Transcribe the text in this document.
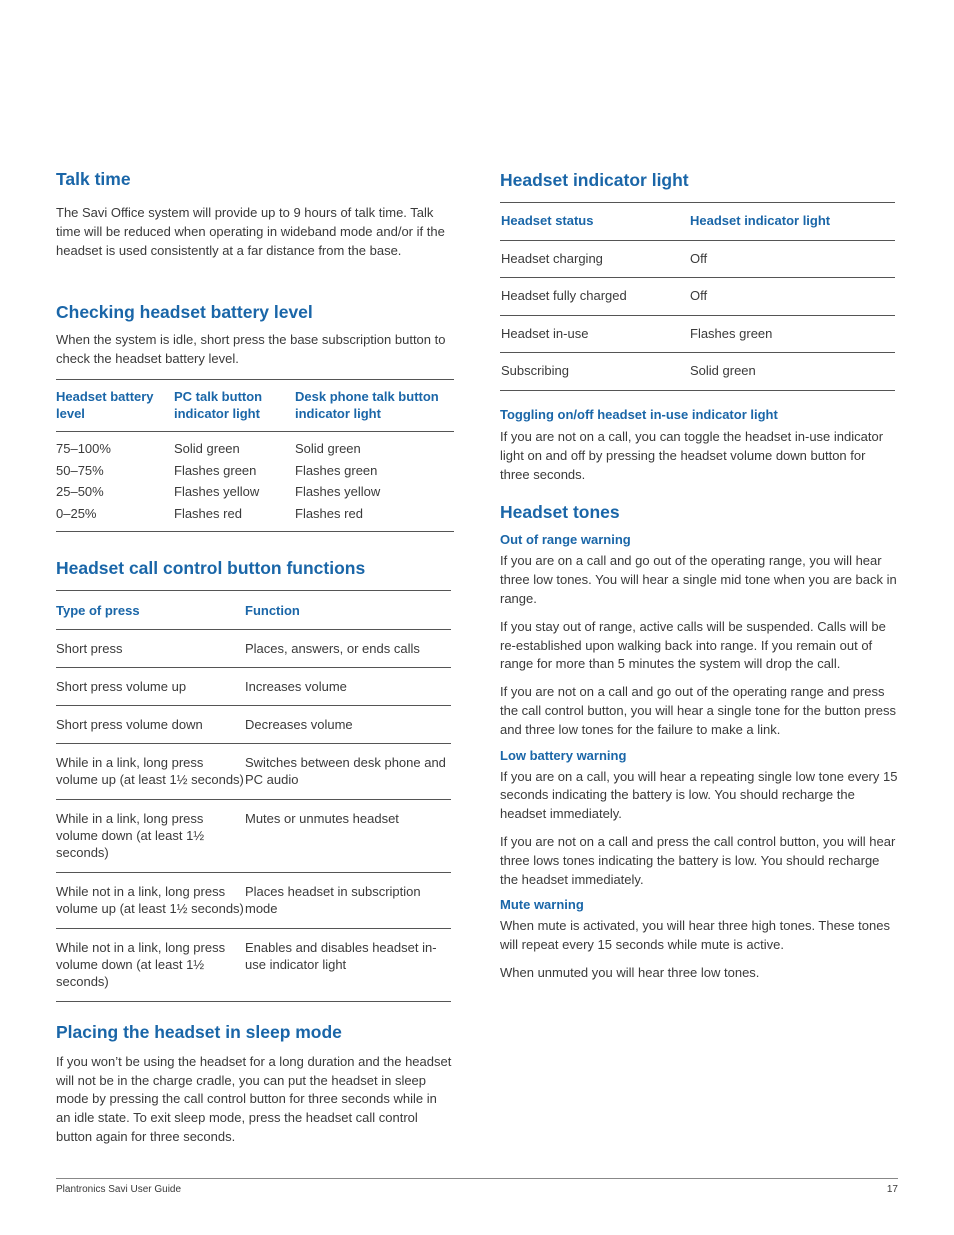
Talk time

The Savi Office system will provide up to 9 hours of talk time. Talk time will be reduced when operating in wideband mode and/or if the headset is used consistently at a far distance from the base.

Checking headset battery level

When the system is idle, short press the base subscription button to check the headset battery level.

Headset battery level	PC talk button indicator light	Desk phone talk button indicator light
75–100%	Solid green	Solid green
50–75%	Flashes green	Flashes green
25–50%	Flashes yellow	Flashes yellow
0–25%	Flashes red	Flashes red
Headset call control button functions
Type of press	Function
Short press	Places, answers, or ends calls
Short press volume up	Increases volume
Short press volume down	Decreases volume
While in a link, long press volume up (at least 1½ seconds)	Switches between desk phone and PC audio
While in a link, long press volume down (at least 1½ seconds)	Mutes or unmutes headset
While not in a link, long press volume up (at least 1½ seconds)	Places headset in subscription mode
While not in a link, long press volume down (at least 1½ seconds)	Enables and disables headset in-use indicator light
Placing the headset in sleep mode

If you won’t be using the headset for a long duration and the headset will not be in the charge cradle, you can put the headset in sleep mode by pressing the call control button for three seconds while in an idle state. To exit sleep mode, press the headset call control button again for three seconds.

Headset indicator light
Headset status	Headset indicator light
Headset charging	Off
Headset fully charged	Off
Headset in-use	Flashes green
Subscribing	Solid green
Toggling on/off headset in-use indicator light

If you are not on a call, you can toggle the headset in-use indicator light on and off by pressing the headset volume down button for three seconds.

Headset tones
Out of range warning

If you are on a call and go out of the operating range, you will hear three low tones. You will hear a single mid tone when you are back in range.

If you stay out of range, active calls will be suspended. Calls will be re-established upon walking back into range. If you remain out of range for more than 5 minutes the system will drop the call.

If you are not on a call and go out of the operating range and press the call control button, you will hear a single tone for the button press and three low tones for the failure to make a link.

Low battery warning

If you are on a call, you will hear a repeating single low tone every 15 seconds indicating the battery is low. You should recharge the headset immediately.

If you are not on a call and press the call control button, you will hear three lows tones indicating the battery is low. You should recharge the headset immediately.

Mute warning

When mute is activated, you will hear three high tones. These tones will repeat every 15 seconds while mute is active.

When unmuted you will hear three low tones.

Plantronics Savi User Guide	17
